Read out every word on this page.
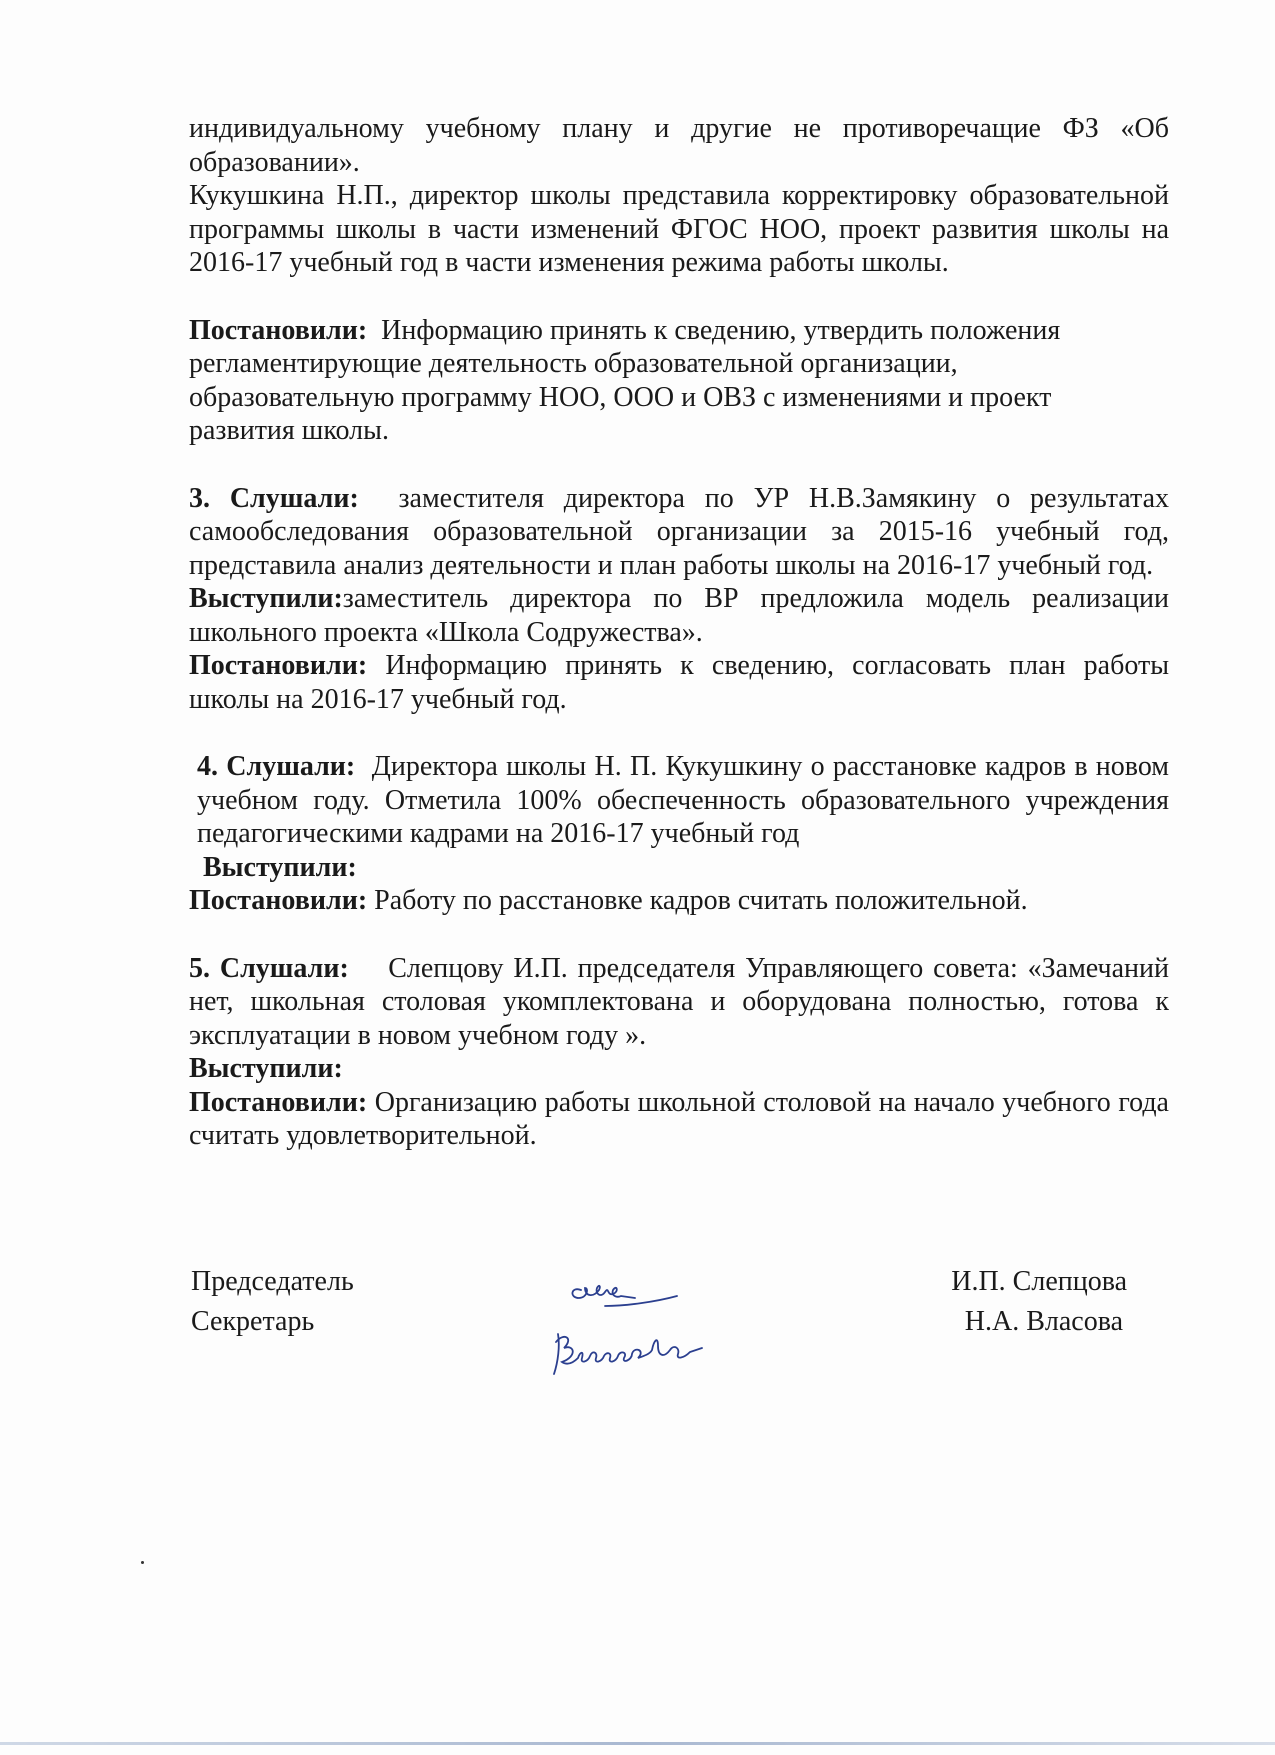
индивидуальному учебному плану и другие не противоречащие ФЗ «Об образовании».

Кукушкина Н.П., директор школы представила корректировку образовательной программы школы в части изменений ФГОС НОО, проект развития школы на 2016-17 учебный год в части изменения режима работы школы.

Постановили: Информацию принять к сведению, утвердить положения
регламентирующие деятельность образовательной организации,
образовательную программу НОО, ООО и ОВЗ с изменениями и проект
развития школы.

3. Слушали: заместителя директора по УР Н.В.Замякину о результатах самообследования образовательной организации за 2015-16 учебный год, представила анализ деятельности и план работы школы на 2016-17 учебный год.

Выступили:заместитель директора по ВР предложила модель реализации школьного проекта «Школа Содружества».

Постановили: Информацию принять к сведению, согласовать план работы школы на 2016-17 учебный год.

4. Слушали: Директора школы Н. П. Кукушкину о расстановке кадров в новом учебном году. Отметила 100% обеспеченность образовательного учреждения педагогическими кадрами на 2016-17 учебный год

Выступили:

Постановили: Работу по расстановке кадров считать положительной.

5. Слушали: Слепцову И.П. председателя Управляющего совета: «Замечаний нет, школьная столовая укомплектована и оборудована полностью, готова к эксплуатации в новом учебном году ».

Выступили:

Постановили: Организацию работы школьной столовой на начало учебного года считать удовлетворительной.

Председатель	И.П. Слепцова
Секретарь	Н.А. Власова
